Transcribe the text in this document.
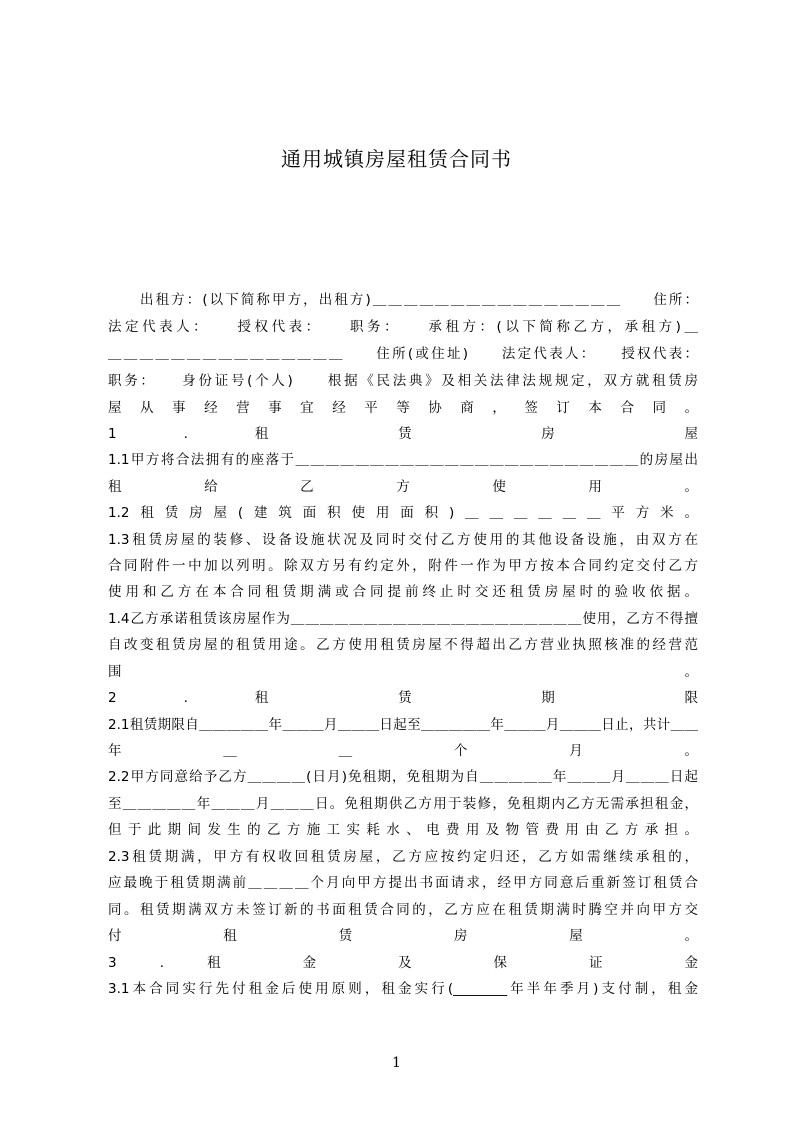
通用城镇房屋租赁合同书
出租方：(以下简称甲方，出租方)＿＿＿＿＿＿＿＿＿＿＿＿＿＿＿＿　　住所：
法定代表人：　　授权代表：　　职务：　　承租方：(以下简称乙方，承租方)＿
＿＿＿＿＿＿＿＿＿＿＿＿＿＿＿　　住所(或住址)　　法定代表人：　　授权代表：
职务：　　身份证号(个人)　　根据《民法典》及相关法律法规规定，双方就租赁房
屋从事经营事宜经平等协商，签订本合同。
1 . 租 赁 房 屋
1.1甲方将合法拥有的座落于＿＿＿＿＿＿＿＿＿＿＿＿＿＿＿＿＿＿＿＿＿＿＿的房屋出
租 给 乙 方 使 用 。
1.2租赁房屋(建筑面积使用面积)＿＿＿＿＿＿平方米。
1.3租赁房屋的装修、设备设施状况及同时交付乙方使用的其他设备设施，由双方在
合同附件一中加以列明。除双方另有约定外，附件一作为甲方按本合同约定交付乙方
使用和乙方在本合同租赁期满或合同提前终止时交还租赁房屋时的验收依据。
1.4乙方承诺租赁该房屋作为＿＿＿＿＿＿＿＿＿＿＿＿＿＿＿＿＿＿＿＿使用，乙方不得擅
自改变租赁房屋的租赁用途。乙方使用租赁房屋不得超出乙方营业执照核准的经营范
围 。
2 . 租 赁 期 限
2.1租赁期限自＿＿＿＿＿年＿＿＿月＿＿＿日起至＿＿＿＿＿年＿＿＿月＿＿＿日止，共计＿＿
年 ＿ ＿ 个 月 。
2.2甲方同意给予乙方＿＿＿＿(日月)免租期，免租期为自＿＿＿＿＿年＿＿＿月＿＿＿日起
至＿＿＿＿＿年＿＿＿月＿＿＿日。免租期供乙方用于装修，免租期内乙方无需承担租金，
但于此期间发生的乙方施工实耗水、电费用及物管费用由乙方承担。
2.3租赁期满，甲方有权收回租赁房屋，乙方应按约定归还，乙方如需继续承租的，
应最晚于租赁期满前＿＿＿＿个月向甲方提出书面请求，经甲方同意后重新签订租赁合
同。租赁期满双方未签订新的书面租赁合同的，乙方应在租赁期满时腾空并向甲方交
付 租 赁 房 屋 。
3 . 租 金 及 保 证 金
3.1本合同实行先付租金后使用原则，租金实行(________年半年季月)支付制，租金
1
